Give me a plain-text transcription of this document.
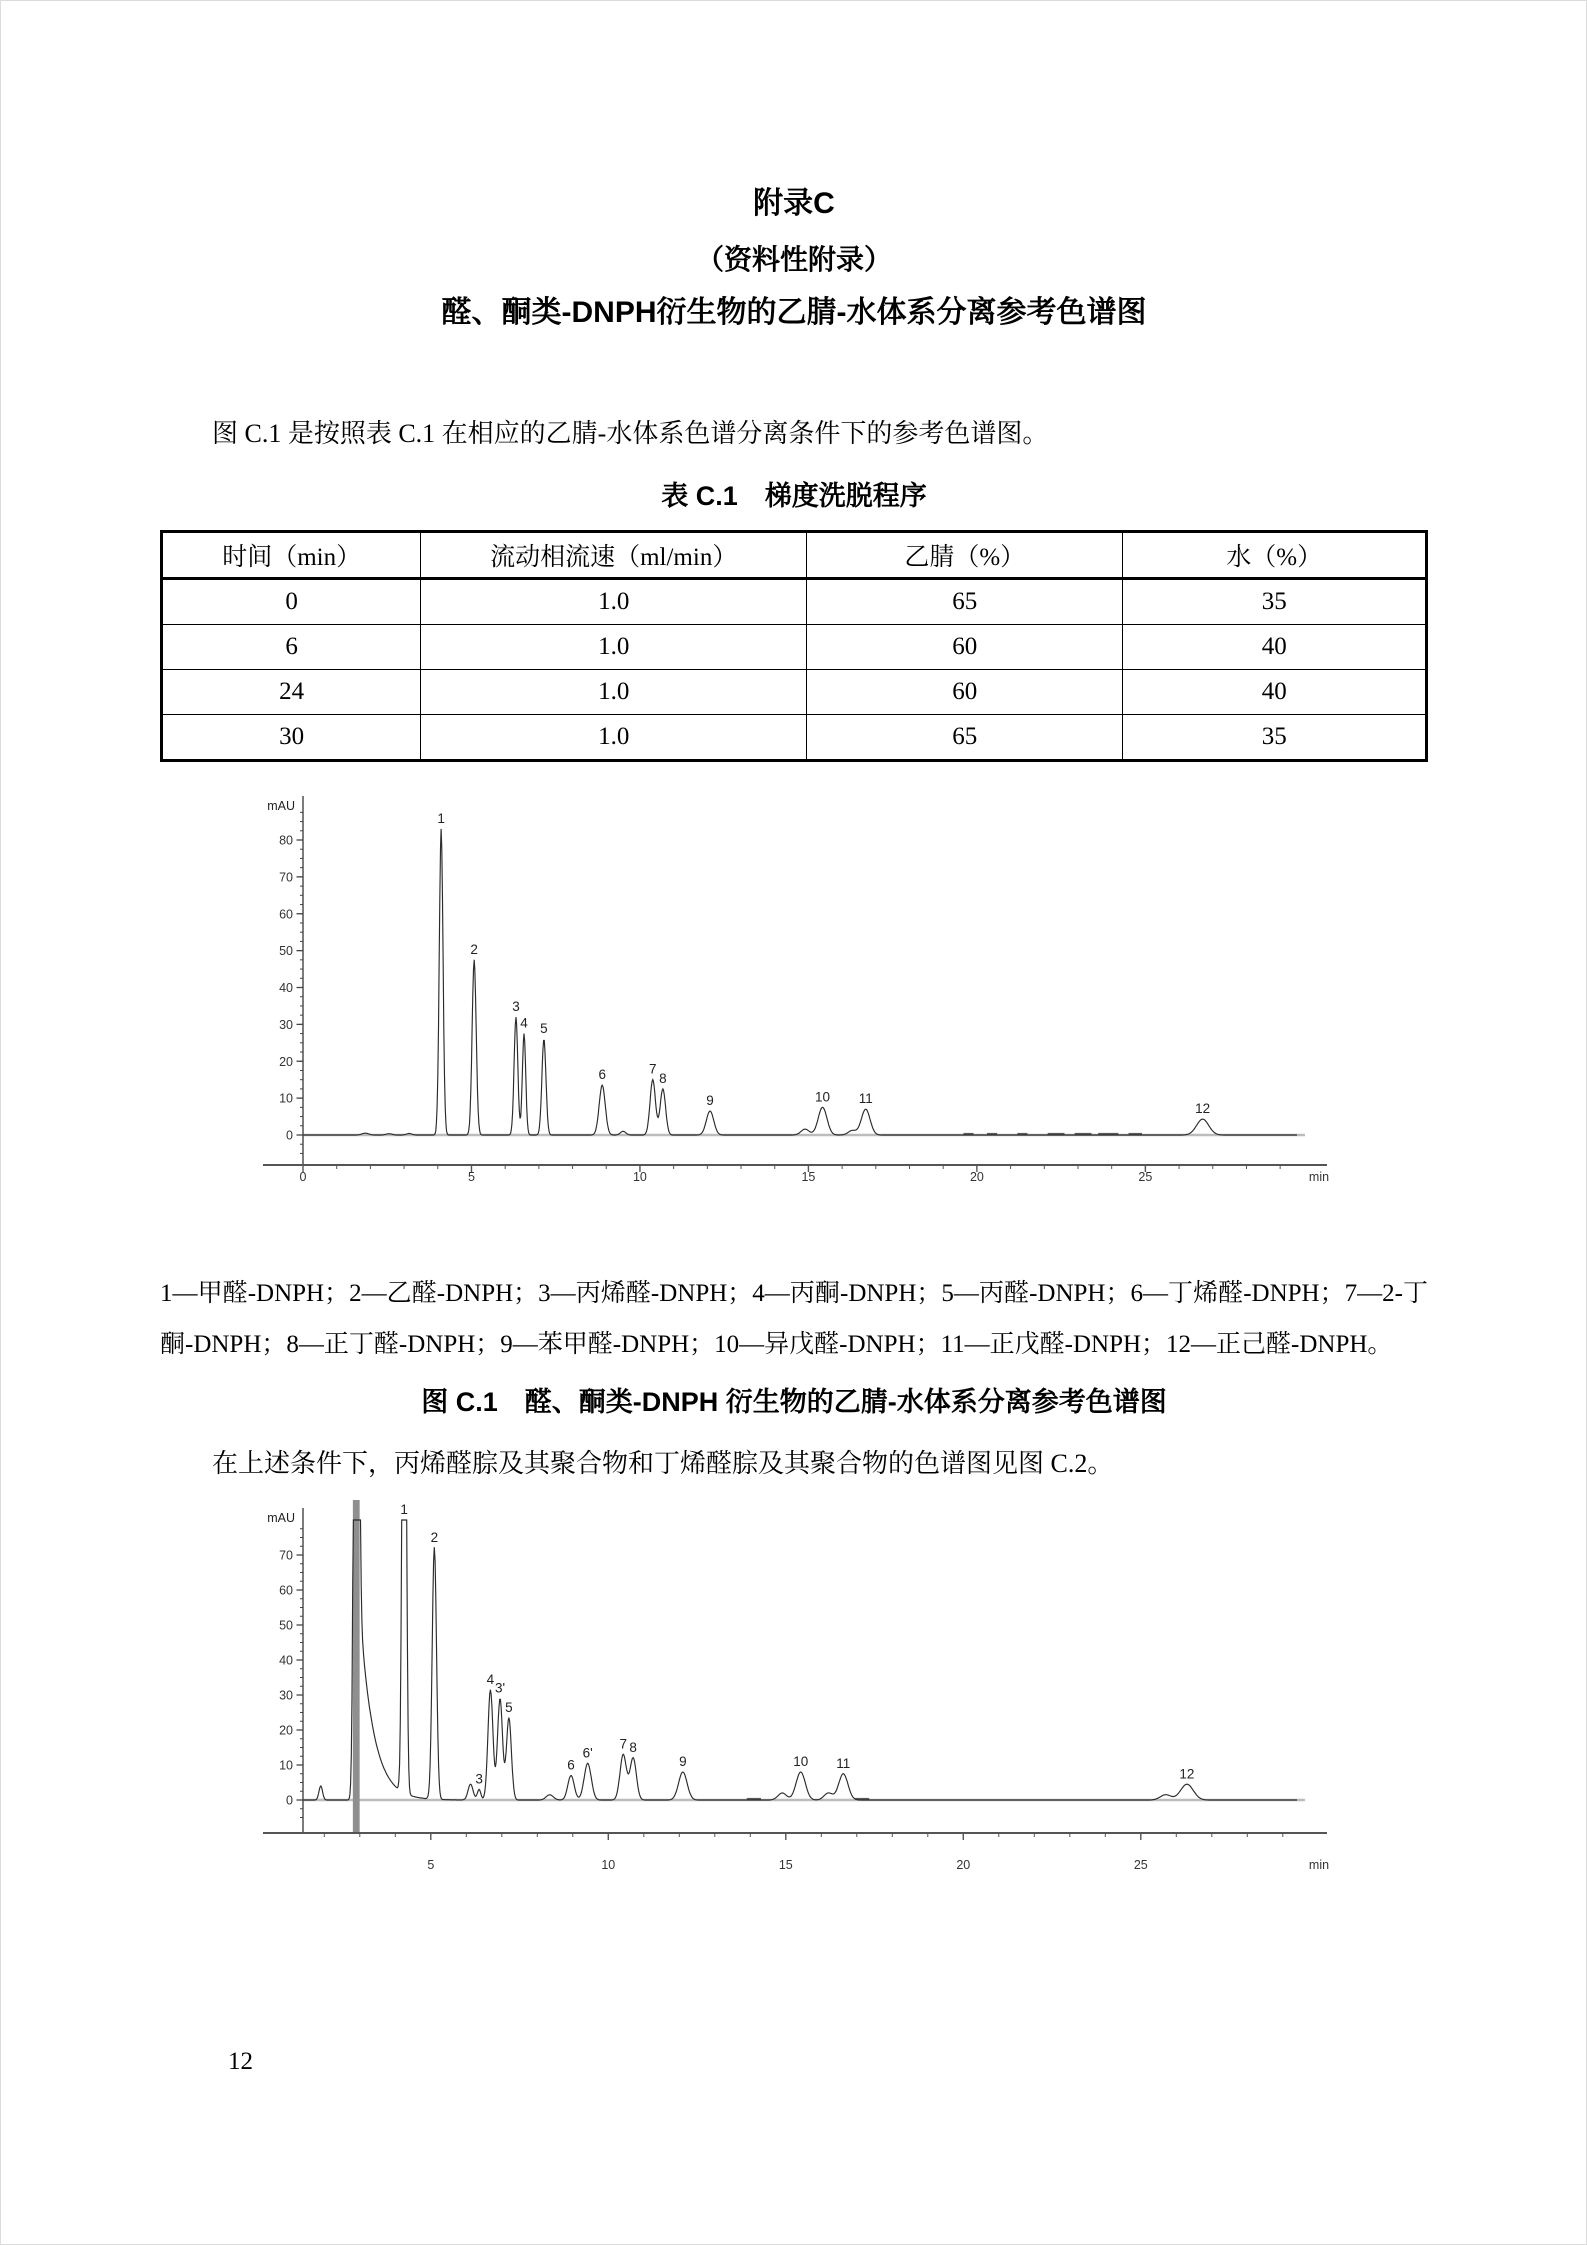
附录C
（资料性附录）
醛、酮类-DNPH衍生物的乙腈-水体系分离参考色谱图

图 C.1 是按照表 C.1 在相应的乙腈-水体系色谱分离条件下的参考色谱图。

表 C.1　梯度洗脱程序
时间（min）	流动相流速（ml/min）	乙腈（%）	水（%）
0	1.0	65	35
6	1.0	60	40
24	1.0	60	40
30	1.0	65	35
0
10
20
30
40
50
60
70
80
mAU
0	5	10	15	20	25	min
1
2
3
4 5
6	7
8
9	10 11
12

1—甲醛-DNPH；2—乙醛-DNPH；3—丙烯醛-DNPH；4—丙酮-DNPH；5—丙醛-DNPH；6—丁烯醛-DNPH；7—2-丁酮-DNPH；8—正丁醛-DNPH；9—苯甲醛-DNPH；10—异戊醛-DNPH；11—正戊醛-DNPH；12—正己醛-DNPH。

图 C.1　醛、酮类-DNPH 衍生物的乙腈-水体系分离参考色谱图

在上述条件下，丙烯醛腙及其聚合物和丁烯醛腙及其聚合物的色谱图见图 C.2。

0
10
20
30
40
50
60
70
mAU
5	10	15	20	25	min
1
2
3
4
3'
5
6
6'
7 8
9	10 11
12
12
